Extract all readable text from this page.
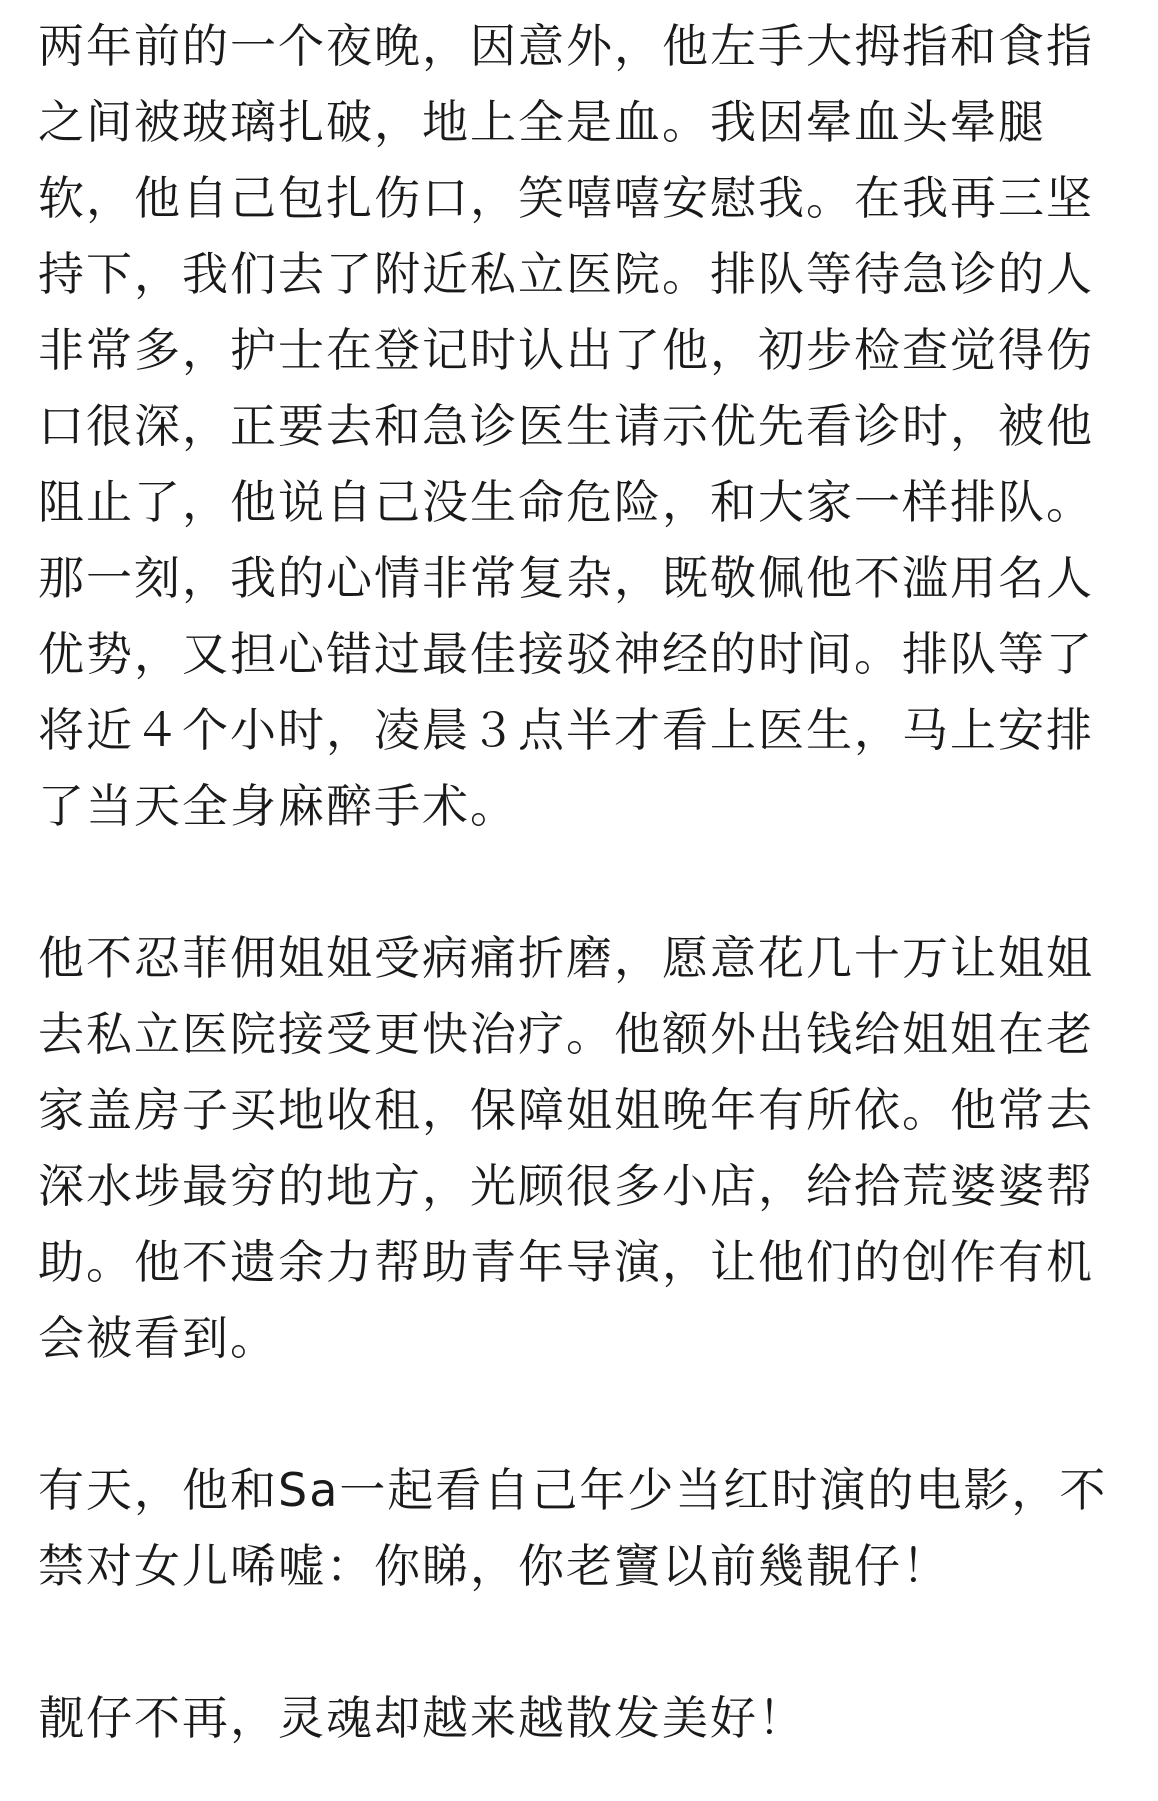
两年前的一个夜晚，因意外，他左手大拇指和食指
之间被玻璃扎破，地上全是血。我因晕血头晕腿
软，他自己包扎伤口，笑嘻嘻安慰我。在我再三坚
持下，我们去了附近私立医院。排队等待急诊的人
非常多，护士在登记时认出了他，初步检查觉得伤
口很深，正要去和急诊医生请示优先看诊时，被他
阻止了，他说自己没生命危险，和大家一样排队。
那一刻，我的心情非常复杂，既敬佩他不滥用名人
优势，又担心错过最佳接驳神经的时间。排队等了
将近４个小时，凌晨３点半才看上医生，马上安排
了当天全身麻醉手术。

他不忍菲佣姐姐受病痛折磨，愿意花几十万让姐姐
去私立医院接受更快治疗。他额外出钱给姐姐在老
家盖房子买地收租，保障姐姐晚年有所依。他常去
深水埗最穷的地方，光顾很多小店，给拾荒婆婆帮
助。他不遗余力帮助青年导演，让他们的创作有机
会被看到。

有天，他和Sa一起看自己年少当红时演的电影，不
禁对女儿唏嘘：你睇，你老竇以前幾靚仔！

靓仔不再，灵魂却越来越散发美好！
